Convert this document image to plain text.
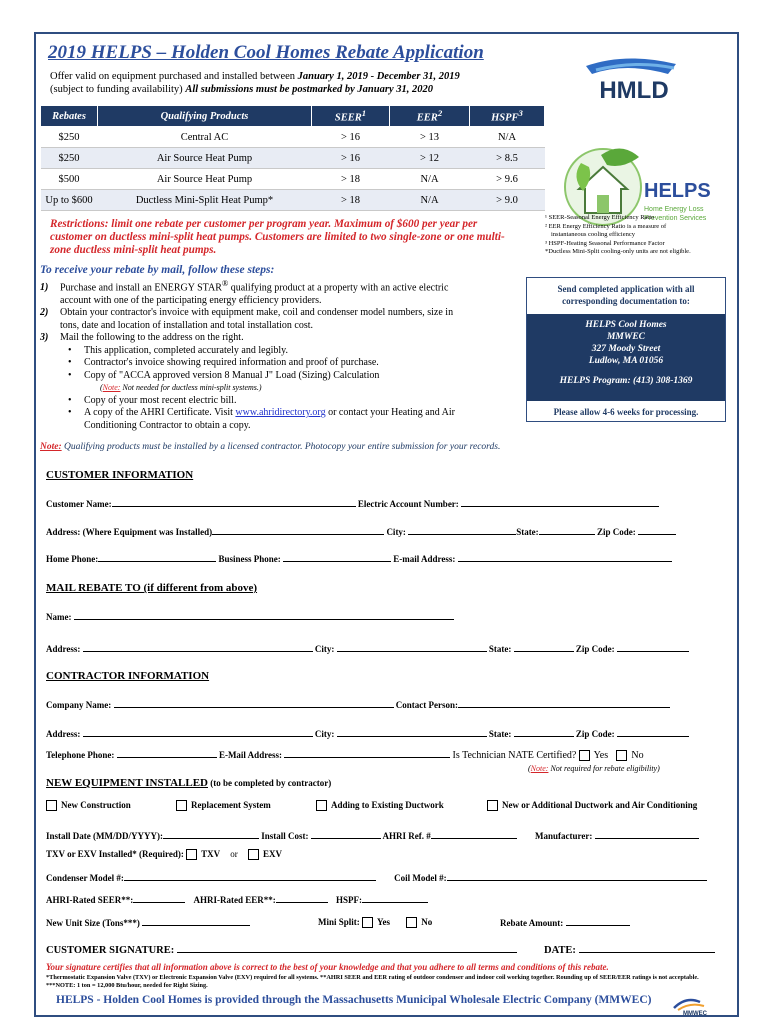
2019 HELPS – Holden Cool Homes Rebate Application
Offer valid on equipment purchased and installed between January 1, 2019 - December 31, 2019
(subject to funding availability) All submissions must be postmarked by January 31, 2020	HMLD
HELPS
Home Energy Loss
Prevention Services
Rebates	Qualifying Products	SEER$^1$	EER$^2$	HSPF$^3$
$250	Central AC	> 16	> 13	N/A
$250	Air Source Heat Pump	> 16	> 12	> 8.5
$500	Air Source Heat Pump	> 18	N/A	> 9.6
Up to $600	Ductless Mini-Split Heat Pump*	> 18	N/A	> 9.0
Restrictions: limit one rebate per customer per program year. Maximum of $600 per year per customer on ductless mini-split heat pumps. Customers are limited to two single-zone or one multi-zone ductless mini-split heat pumps.
¹ SEER-Seasonal Energy Efficiency Ratio
² EER Energy Efficiency Ratio is a measure of
instantaneous cooling efficiency
³ HSPF-Heating Seasonal Performance Factor
*Ductless Mini-Split cooling-only units are not eligible.
To receive your rebate by mail, follow these steps:
1) Purchase and install an ENERGY STAR® qualifying product at a property with an active electric
account with one of the participating energy efficiency providers.
2) Obtain your contractor's invoice with equipment make, coil and condenser model numbers, size in
tons, date and location of installation and total installation cost.
3) Mail the following to the address on the right.
• This application, completed accurately and legibly.
• Contractor's invoice showing required information and proof of purchase.
• Copy of "ACCA approved version 8 Manual J" Load (Sizing) Calculation
(Note: Not needed for ductless mini-split systems.)
• Copy of your most recent electric bill.
• A copy of the AHRI Certificate. Visit www.ahridirectory.org or contact your Heating and Air
Conditioning Contractor to obtain a copy.
Note: Qualifying products must be installed by a licensed contractor. Photocopy your entire submission for your records.
Send completed application with all
corresponding documentation to:
HELPS Cool Homes
MMWEC
327 Moody Street
Ludlow, MA 01056
HELPS Program: (413) 308-1369
Please allow 4-6 weeks for processing.
CUSTOMER INFORMATION
Customer Name:	Electric Account Number:
Address: (Where Equipment was Installed)	City:	State:	Zip Code:
Home Phone:	Business Phone:	E-mail Address:
MAIL REBATE TO (if different from above)
Name:
Address:	City:	State:	Zip Code:
CONTRACTOR INFORMATION
Company Name:	Contact Person:
Address:	City:	State:	Zip Code:
Telephone Phone:	E-Mail Address:	Is Technician NATE Certified? Yes No
(Note: Not required for rebate eligibility)
NEW EQUIPMENT INSTALLED (to be completed by contractor)
New Construction	Replacement System	Adding to Existing Ductwork	New or Additional Ductwork and Air Conditioning
Install Date (MM/DD/YYYY):	Install Cost:	AHRI Ref. #	Manufacturer:
TXV or EXV Installed* (Required): TXV or	EXV
Condenser Model #:	Coil Model #:
AHRI-Rated SEER**:	AHRI-Rated EER**:	HSPF:
New Unit Size (Tons***)	Mini Split: Yes	No	Rebate Amount:
CUSTOMER SIGNATURE:	DATE:
Your signature certifies that all information above is correct to the best of your knowledge and that you adhere to all terms and conditions of this rebate.
*Thermostatic Expansion Valve (TXV) or Electronic Expansion Valve (EXV) required for all systems. **AHRI SEER and EER rating of outdoor condenser and indoor coil working together. Rounding up of SEER/EER ratings is not acceptable. ***NOTE: 1 ton = 12,000 Btu/hour, needed for Right Sizing.
HELPS - Holden Cool Homes is provided through the Massachusetts Municipal Wholesale Electric Company (MMWEC)
MMWEC
